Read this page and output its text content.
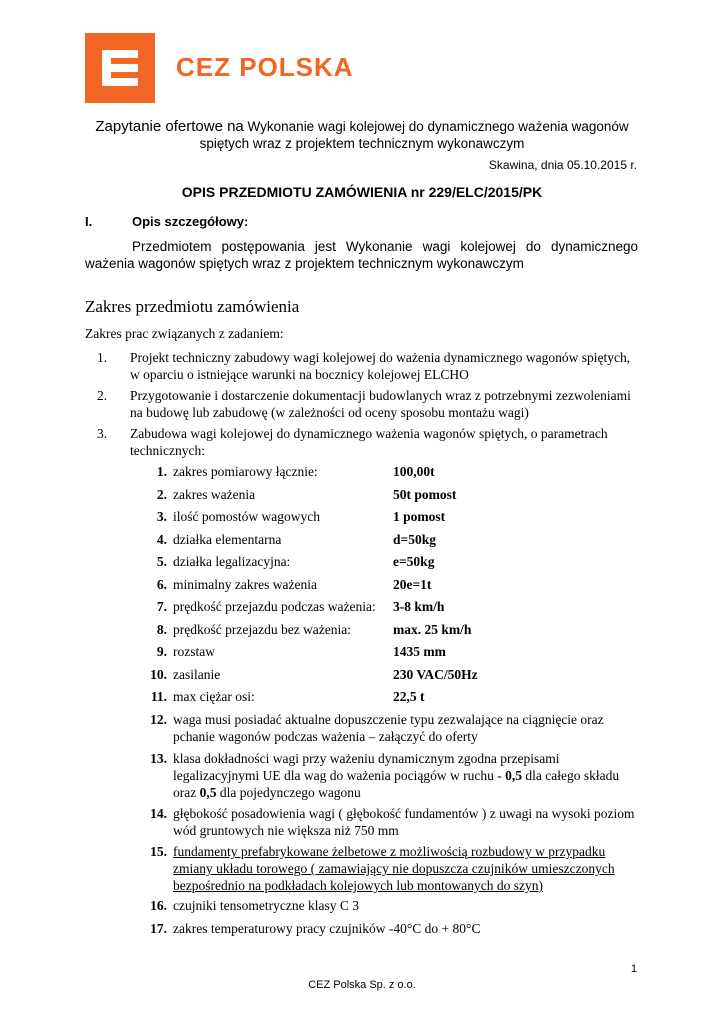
CEZ POLSKA
Zapytanie ofertowe na Wykonanie wagi kolejowej do dynamicznego ważenia wagonów
spiętych wraz z projektem technicznym wykonawczym
Skawina, dnia 05.10.2015 r.
OPIS PRZEDMIOTU ZAMÓWIENIA nr 229/ELC/2015/PK
I.	Opis szczegółowy:
Przedmiotem postępowania jest Wykonanie wagi kolejowej do dynamicznego
ważenia wagonów spiętych wraz z projektem technicznym wykonawczym
Zakres przedmiotu zamówienia
Zakres prac związanych z zadaniem:
1. Projekt techniczny zabudowy wagi kolejowej do ważenia dynamicznego wagonów spiętych,
w oparciu o istniejące warunki na bocznicy kolejowej ELCHO
2. Przygotowanie i dostarczenie dokumentacji budowlanych wraz z potrzebnymi zezwoleniami
na budowę lub zabudowę (w zależności od oceny sposobu montażu wagi)
3. Zabudowa wagi kolejowej do dynamicznego ważenia wagonów spiętych, o parametrach
technicznych:
1. zakres pomiarowy łącznie:	100,00t
2. zakres ważenia	50t pomost
3. ilość pomostów wagowych	1 pomost
4. działka elementarna	d=50kg
5. działka legalizacyjna:	e=50kg
6. minimalny zakres ważenia	20e=1t
7. prędkość przejazdu podczas ważenia: 3-8 km/h
8. prędkość przejazdu bez ważenia:	max. 25 km/h
9. rozstaw	1435 mm
10. zasilanie	230 VAC/50Hz
11. max ciężar osi:	22,5 t
12. waga musi posiadać aktualne dopuszczenie typu zezwalające na ciągnięcie oraz
pchanie wagonów podczas ważenia – załączyć do oferty
13. klasa dokładności wagi przy ważeniu dynamicznym zgodna przepisami
legalizacyjnymi UE dla wag do ważenia pociągów w ruchu - 0,5 dla całego składu
oraz 0,5 dla pojedynczego wagonu
14. głębokość posadowienia wagi ( głębokość fundamentów ) z uwagi na wysoki poziom
wód gruntowych nie większa niż 750 mm
15. fundamenty prefabrykowane żelbetowe z możliwością rozbudowy w przypadku
zmiany układu torowego ( zamawiający nie dopuszcza czujników umieszczonych
bezpośrednio na podkładach kolejowych lub montowanych do szyn)
16. czujniki tensometryczne klasy C 3
17. zakres temperaturowy pracy czujników -40°C do + 80°C
1
CEZ Polska Sp. z o.o.
